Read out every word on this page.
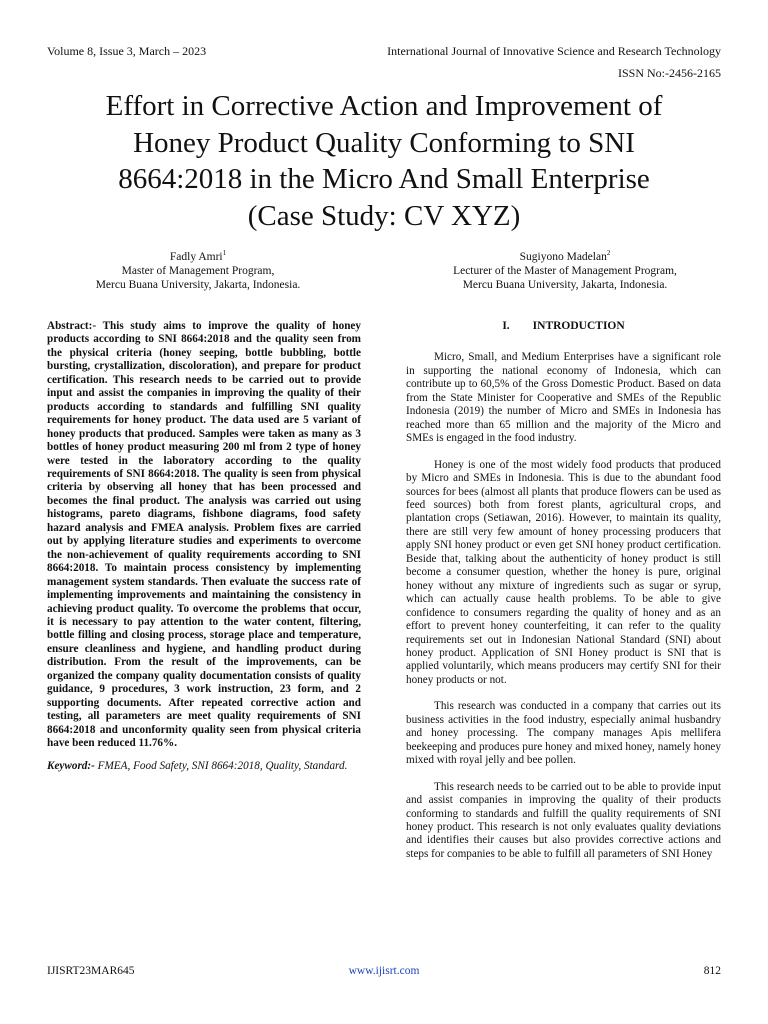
Volume 8, Issue 3, March – 2023	International Journal of Innovative Science and Research Technology
ISSN No:-2456-2165
Effort in Corrective Action and Improvement of
Honey Product Quality Conforming to SNI
8664:2018 in the Micro And Small Enterprise
(Case Study: CV XYZ)
Fadly Amri$^1$
Master of Management Program,
Mercu Buana University, Jakarta, Indonesia.
Sugiyono Madelan$^2$
Lecturer of the Master of Management Program,
Mercu Buana University, Jakarta, Indonesia.

Abstract:- This study aims to improve the quality of honey products according to SNI 8664:2018 and the quality seen from the physical criteria (honey seeping, bottle bubbling, bottle bursting, crystallization, discoloration), and prepare for product certification. This research needs to be carried out to provide input and assist the companies in improving the quality of their products according to standards and fulfilling SNI quality requirements for honey product. The data used are 5 variant of honey products that produced. Samples were taken as many as 3 bottles of honey product measuring 200 ml from 2 type of honey were tested in the laboratory according to the quality requirements of SNI 8664:2018. The quality is seen from physical criteria by observing all honey that has been processed and becomes the final product. The analysis was carried out using histograms, pareto diagrams, fishbone diagrams, food safety hazard analysis and FMEA analysis. Problem fixes are carried out by applying literature studies and experiments to overcome the non-achievement of quality requirements according to SNI 8664:2018. To maintain process consistency by implementing management system standards. Then evaluate the success rate of implementing improvements and maintaining the consistency in achieving product quality. To overcome the problems that occur, it is necessary to pay attention to the water content, filtering, bottle filling and closing process, storage place and temperature, ensure cleanliness and hygiene, and handling product during distribution. From the result of the improvements, can be organized the company quality documentation consists of quality guidance, 9 procedures, 3 work instruction, 23 form, and 2 supporting documents. After repeated corrective action and testing, all parameters are meet quality requirements of SNI 8664:2018 and unconformity quality seen from physical criteria have been reduced 11.76%.

Keyword:- FMEA, Food Safety, SNI 8664:2018, Quality, Standard.

I.        INTRODUCTION

Micro, Small, and Medium Enterprises have a significant role in supporting the national economy of Indonesia, which can contribute up to 60,5% of the Gross Domestic Product. Based on data from the State Minister for Cooperative and SMEs of the Republic Indonesia (2019) the number of Micro and SMEs in Indonesia has reached more than 65 million and the majority of the Micro and SMEs is engaged in the food industry.

Honey is one of the most widely food products that produced by Micro and SMEs in Indonesia. This is due to the abundant food sources for bees (almost all plants that produce flowers can be used as feed sources) both from forest plants, agricultural crops, and plantation crops (Setiawan, 2016). However, to maintain its quality, there are still very few amount of honey processing producers that apply SNI honey product or even get SNI honey product certification. Beside that, talking about the authenticity of honey product is still become a consumer question, whether the honey is pure, original honey without any mixture of ingredients such as sugar or syrup, which can actually cause health problems. To be able to give confidence to consumers regarding the quality of honey and as an effort to prevent honey counterfeiting, it can refer to the quality requirements set out in Indonesian National Standard (SNI) about honey product. Application of SNI Honey product is SNI that is applied voluntarily, which means producers may certify SNI for their honey products or not.

This research was conducted in a company that carries out its business activities in the food industry, especially animal husbandry and honey processing. The company manages Apis mellifera beekeeping and produces pure honey and mixed honey, namely honey mixed with royal jelly and bee pollen.

This research needs to be carried out to be able to provide input and assist companies in improving the quality of their products conforming to standards and fulfill the quality requirements of SNI honey product. This research is not only evaluates quality deviations and identifies their causes but also provides corrective actions and steps for companies to be able to fulfill all parameters of SNI Honey

IJISRT23MAR645	www.ijisrt.com	812
